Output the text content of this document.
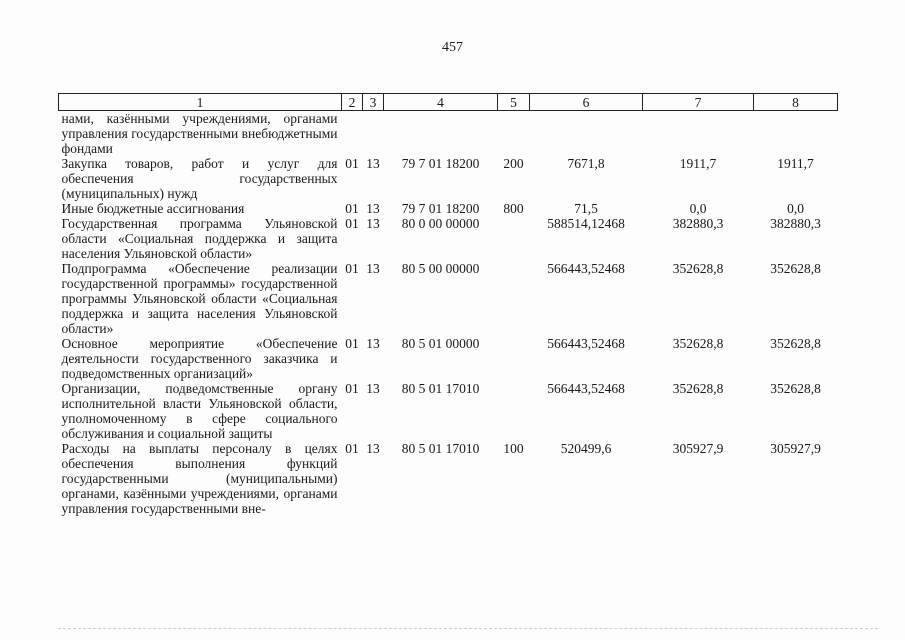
457
1	2	3	4	5	6	7	8
нами, казёнными учреждениями, органами управления государственными внебюджетными фондами							
Закупка товаров, работ и услуг для обеспечения государственных (муниципальных) нужд	01	13	79 7 01 18200	200	7671,8	1911,7	1911,7
Иные бюджетные ассигнования	01	13	79 7 01 18200	800	71,5	0,0	0,0
Государственная программа Ульяновской области «Социальная поддержка и защита населения Ульяновской области»	01	13	80 0 00 00000		588514,12468	382880,3	382880,3
Подпрограмма «Обеспечение реализации государственной программы» государственной программы Ульяновской области «Социальная поддержка и защита населения Ульяновской области»	01	13	80 5 00 00000		566443,52468	352628,8	352628,8
Основное мероприятие «Обеспечение деятельности государственного заказчика и подведомственных организаций»	01	13	80 5 01 00000		566443,52468	352628,8	352628,8
Организации, подведомственные органу исполнительной власти Ульяновской области, уполномоченному в сфере социального обслуживания и социальной защиты	01	13	80 5 01 17010		566443,52468	352628,8	352628,8
Расходы на выплаты персоналу в целях обеспечения выполнения функций государственными (муниципальными) органами, казёнными учреждениями, органами управления государственными вне-	01	13	80 5 01 17010	100	520499,6	305927,9	305927,9
